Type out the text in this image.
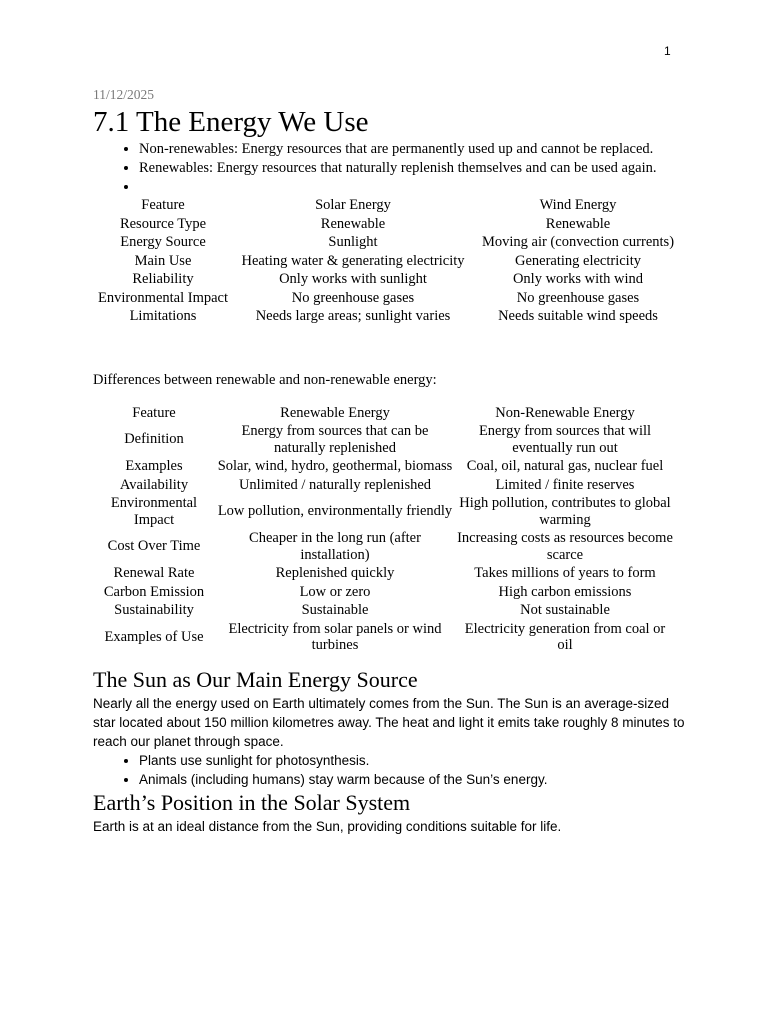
1
11/12/2025
7.1 The Energy We Use
• Non-renewables: Energy resources that are permanently used up and cannot be replaced.
• Renewables: Energy resources that naturally replenish themselves and can be used again.
•
Feature	Solar Energy	Wind Energy
Resource Type	Renewable	Renewable
Energy Source	Sunlight	Moving air (convection currents)
Main Use	Heating water & generating electricity	Generating electricity
Reliability	Only works with sunlight	Only works with wind
Environmental Impact	No greenhouse gases	No greenhouse gases
Limitations	Needs large areas; sunlight varies	Needs suitable wind speeds

Differences between renewable and non-renewable energy:

Feature	Renewable Energy	Non-Renewable Energy
Definition	Energy from sources that can be naturally replenished	Energy from sources that will eventually run out
Examples	Solar, wind, hydro, geothermal, biomass	Coal, oil, natural gas, nuclear fuel
Availability	Unlimited / naturally replenished	Limited / finite reserves
Environmental Impact	Low pollution, environmentally friendly	High pollution, contributes to global warming
Cost Over Time	Cheaper in the long run (after installation)	Increasing costs as resources become scarce
Renewal Rate	Replenished quickly	Takes millions of years to form
Carbon Emission	Low or zero	High carbon emissions
Sustainability	Sustainable	Not sustainable
Examples of Use	Electricity from solar panels or wind turbines	Electricity generation from coal or oil
The Sun as Our Main Energy Source

Nearly all the energy used on Earth ultimately comes from the Sun. The Sun is an average-sized star located about 150 million kilometres away. The heat and light it emits take roughly 8 minutes to reach our planet through space.

• Plants use sunlight for photosynthesis.
• Animals (including humans) stay warm because of the Sun’s energy.
Earth’s Position in the Solar System

Earth is at an ideal distance from the Sun, providing conditions suitable for life.
